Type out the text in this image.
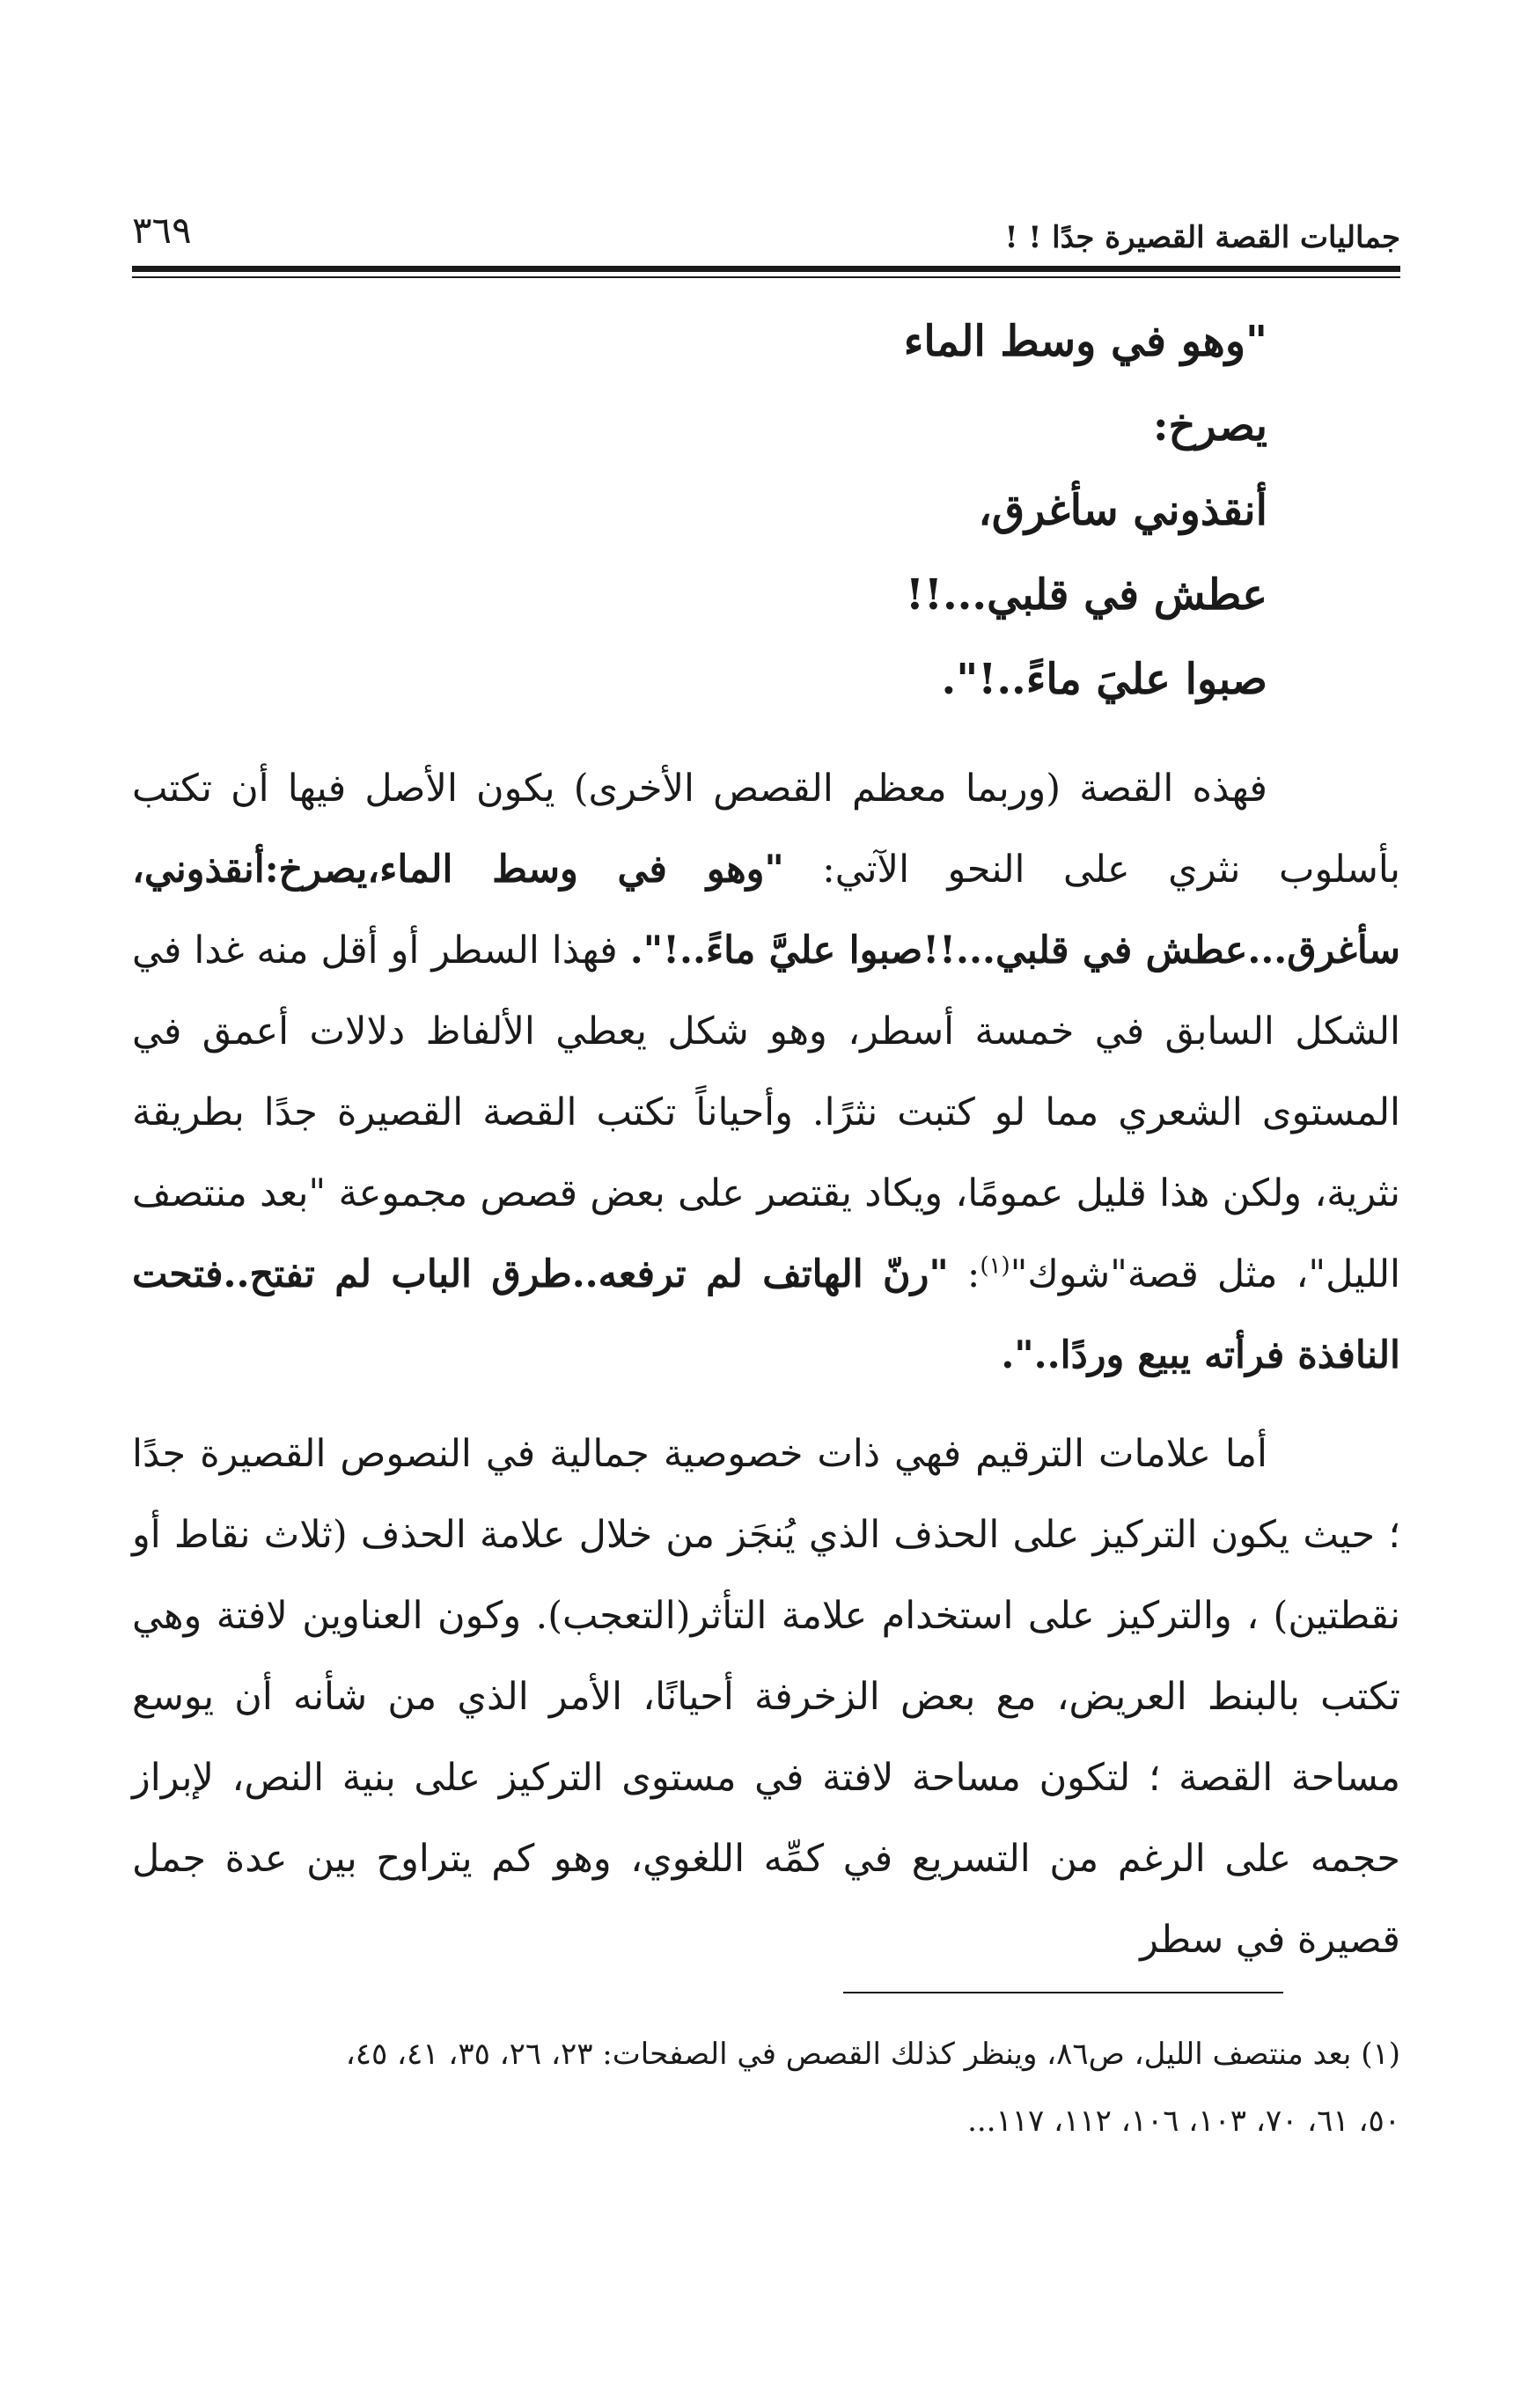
جماليات القصة القصيرة جدًا ! !
٣٦٩
"وهو في وسط الماء
يصرخ:
أنقذوني سأغرق،
عطش في قلبي...!!
صبوا عليَ ماءً..!".

فهذه القصة (وربما معظم القصص الأخرى) يكون الأصل فيها أن تكتب بأسلوب نثري على النحو الآتي: "وهو في وسط الماء،يصرخ:أنقذوني، سأغرق...عطش في قلبي...!!صبوا عليَّ ماءً..!". فهذا السطر أو أقل منه غدا في الشكل السابق في خمسة أسطر، وهو شكل يعطي الألفاظ دلالات أعمق في المستوى الشعري مما لو كتبت نثرًا. وأحياناً تكتب القصة القصيرة جدًا بطريقة نثرية، ولكن هذا قليل عمومًا، ويكاد يقتصر على بعض قصص مجموعة "بعد منتصف الليل"، مثل قصة"شوك"$^{(١)}$: "رنّ الهاتف لم ترفعه..طرق الباب لم تفتح..فتحت النافذة فرأته يبيع وردًا..".

أما علامات الترقيم فهي ذات خصوصية جمالية في النصوص القصيرة جدًا ؛ حيث يكون التركيز على الحذف الذي يُنجَز من خلال علامة الحذف (ثلاث نقاط أو نقطتين) ، والتركيز على استخدام علامة التأثر(التعجب). وكون العناوين لافتة وهي تكتب بالبنط العريض، مع بعض الزخرفة أحيانًا، الأمر الذي من شأنه أن يوسع مساحة القصة ؛ لتكون مساحة لافتة في مستوى التركيز على بنية النص، لإبراز حجمه على الرغم من التسريع في كمِّه اللغوي، وهو كم يتراوح بين عدة جمل قصيرة في سطر

(١) بعد منتصف الليل، ص٨٦، وينظر كذلك القصص في الصفحات: ٢٣، ٢٦، ٣٥، ٤١، ٤٥،
٥٠، ٦١، ٧٠، ١٠٣، ١٠٦، ١١٢، ١١٧...
